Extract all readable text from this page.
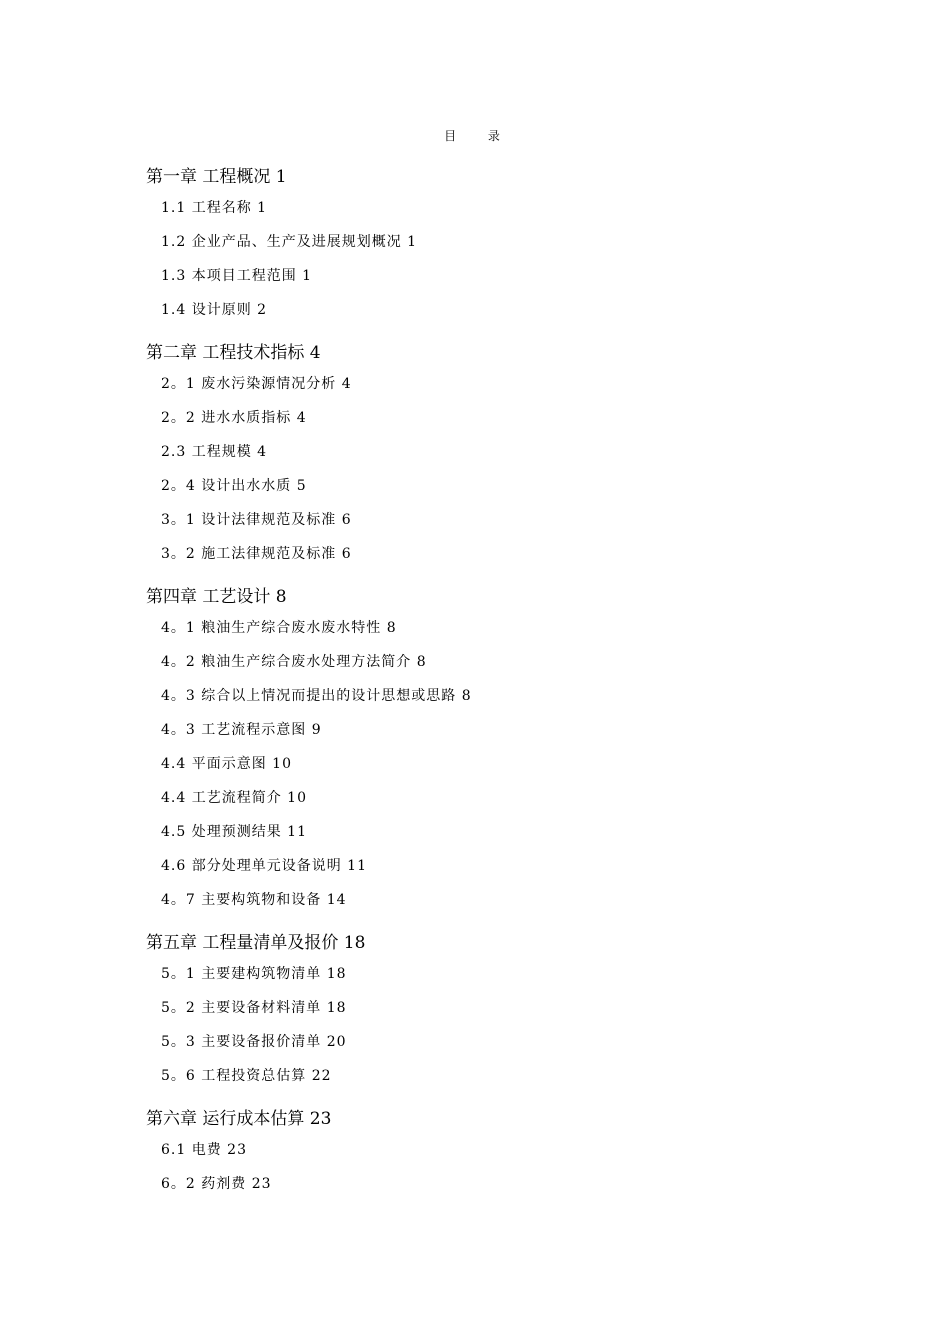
目 录
第一章 工程概况 1
1.1 工程名称 1
1.2 企业产品、生产及进展规划概况 1
1.3 本项目工程范围 1
1.4 设计原则 2
第二章 工程技术指标 4
2。1 废水污染源情况分析 4
2。2 进水水质指标 4
2.3 工程规模 4
2。4 设计出水水质 5
3。1 设计法律规范及标准 6
3。2 施工法律规范及标准 6
第四章 工艺设计 8
4。1 粮油生产综合废水废水特性 8
4。2 粮油生产综合废水处理方法简介 8
4。3 综合以上情况而提出的设计思想或思路 8
4。3 工艺流程示意图 9
4.4 平面示意图 10
4.4 工艺流程简介 10
4.5 处理预测结果 11
4.6 部分处理单元设备说明 11
4。7 主要构筑物和设备 14
第五章 工程量清单及报价 18
5。1 主要建构筑物清单 18
5。2 主要设备材料清单 18
5。3 主要设备报价清单 20
5。6 工程投资总估算 22
第六章 运行成本估算 23
6.1 电费 23
6。2 药剂费 23
